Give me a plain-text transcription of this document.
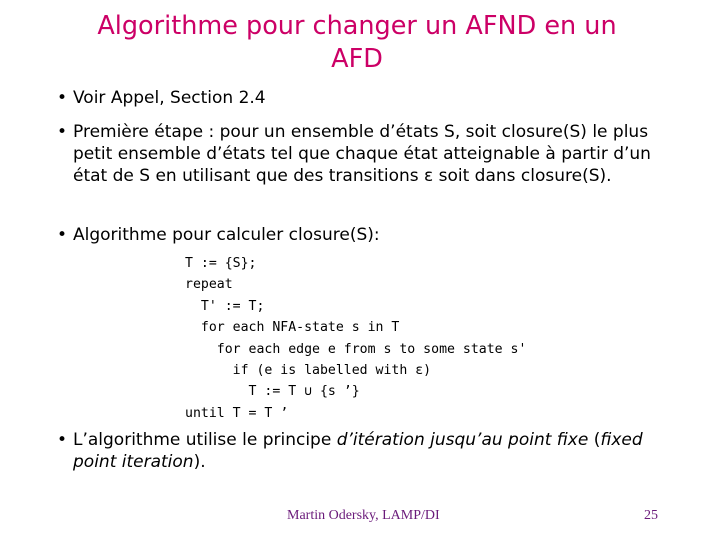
Algorithme pour changer un AFND en un
AFD
• Voir Appel, Section 2.4
• Première étape : pour un ensemble d’états S, soit closure(S) le plus petit ensemble d’états tel que chaque état atteignable à partir d’un état de S en utilisant que des transitions ε soit dans closure(S).
• Algorithme pour calculer closure(S):
T := {S};
repeat
T' := T;
for each NFA-state s in T
for each edge e from s to some state s'
if (e is labelled with ε)
T := T ∪ {s ’}
until T = T ’
• L’algorithme utilise le principe d’itération jusqu’au point fixe (fixed point iteration).
Martin Odersky, LAMP/DI	25
